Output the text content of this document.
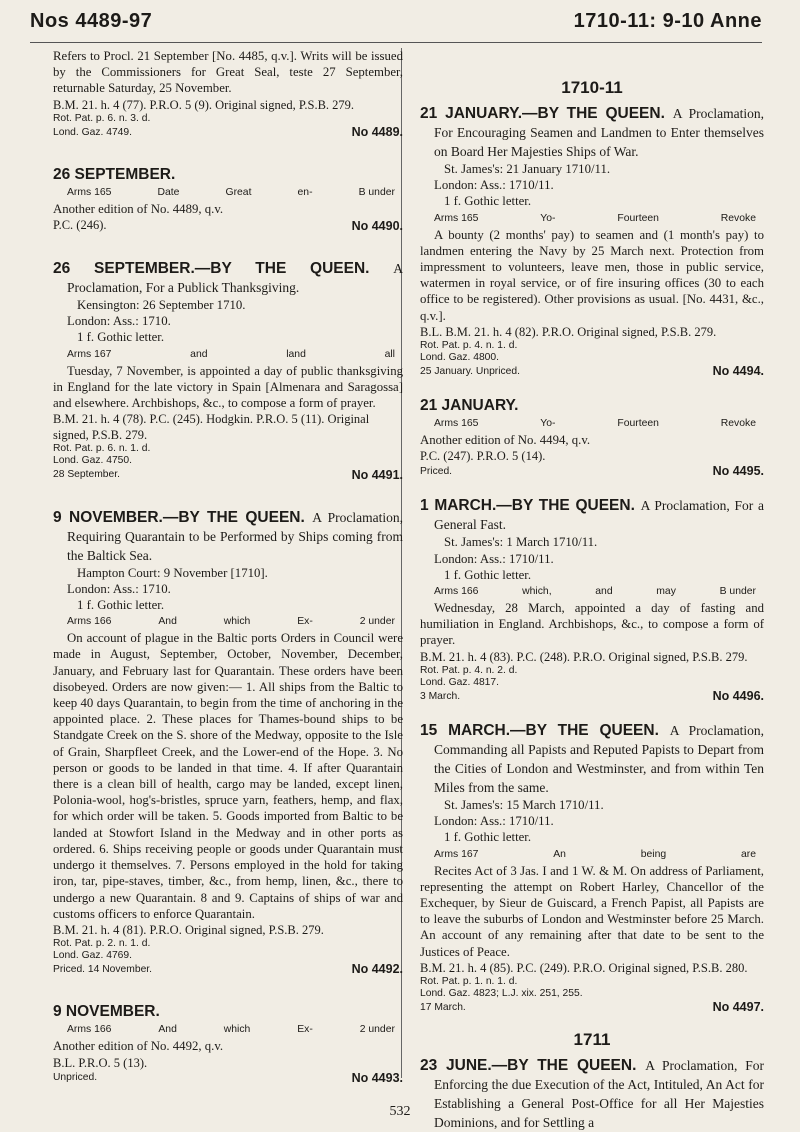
Nos 4489-97	1710-11: 9-10 Anne

Refers to Procl. 21 September [No. 4485, q.v.]. Writs will be issued by the Commissioners for Great Seal, teste 27 September, returnable Saturday, 25 November.

B.M. 21. h. 4 (77). P.R.O. 5 (9). Original signed, P.S.B. 279.
Rot. Pat. p. 6. n. 3. d.
Lond. Gaz. 4749.	No 4489.
26 SEPTEMBER.
Arms 165	Date	Great	en-	B under
Another edition of No. 4489, q.v.
P.C. (246).	No 4490.
26 SEPTEMBER.—BY THE QUEEN. A Proclamation, For a Publick Thanksgiving.
Kensington: 26 September 1710.
London: Ass.: 1710.
1 f. Gothic letter.
Arms 167	and	land	all

Tuesday, 7 November, is appointed a day of public thanksgiving in England for the late victory in Spain [Almenara and Saragossa] and elsewhere. Archbishops, &c., to compose a form of prayer.

B.M. 21. h. 4 (78). P.C. (245). Hodgkin. P.R.O. 5 (11). Original signed, P.S.B. 279.
Rot. Pat. p. 6. n. 1. d.
Lond. Gaz. 4750.
28 September.	No 4491.
9 NOVEMBER.—BY THE QUEEN. A Proclamation, Requiring Quarantain to be Performed by Ships coming from the Baltick Sea.
Hampton Court: 9 November [1710].
London: Ass.: 1710.
1 f. Gothic letter.
Arms 166	And	which	Ex-	2 under

On account of plague in the Baltic ports Orders in Council were made in August, September, October, November, December, January, and February last for Quarantain. These orders have been disobeyed. Orders are now given:— 1. All ships from the Baltic to keep 40 days Quarantain, to begin from the time of anchoring in the appointed place. 2. These places for Thames-bound ships to be Standgate Creek on the S. shore of the Medway, opposite to the Isle of Grain, Sharpfleet Creek, and the Lower-end of the Hope. 3. No person or goods to be landed in that time. 4. If after Quarantain there is a clean bill of health, cargo may be landed, except linen, Polonia-wool, hog's-bristles, spruce yarn, feathers, hemp, and flax, for which order will be taken. 5. Goods imported from Baltic to be landed at Stowfort Island in the Medway and in other ports as ordered. 6. Ships receiving people or goods under Quarantain must undergo it themselves. 7. Persons employed in the hold for taking iron, tar, pipe-staves, timber, &c., from hemp, linen, &c., there to undergo a new Quarantain. 8 and 9. Captains of ships of war and customs officers to enforce Quarantain.

B.M. 21. h. 4 (81). P.R.O. Original signed, P.S.B. 279.
Rot. Pat. p. 2. n. 1. d.
Lond. Gaz. 4769.
Priced. 14 November.	No 4492.
9 NOVEMBER.
Arms 166	And	which	Ex-	2 under
Another edition of No. 4492, q.v.
B.L. P.R.O. 5 (13).
Unpriced.	No 4493.
1710-11
21 JANUARY.—BY THE QUEEN. A Proclamation, For Encouraging Seamen and Landmen to Enter themselves on Board Her Majesties Ships of War.
St. James's: 21 January 1710/11.
London: Ass.: 1710/11.
1 f. Gothic letter.
Arms 165	Yo-	Fourteen	Revoke

A bounty (2 months' pay) to seamen and (1 month's pay) to landmen entering the Navy by 25 March next. Protection from impressment to volunteers, leave men, those in public service, watermen in royal service, or of fire insuring offices (30 to each office to be registered). Other provisions as usual. [No. 4431, &c., q.v.].

B.L. B.M. 21. h. 4 (82). P.R.O. Original signed, P.S.B. 279.
Rot. Pat. p. 4. n. 1. d.
Lond. Gaz. 4800.
25 January. Unpriced.	No 4494.
21 JANUARY.
Arms 165	Yo-	Fourteen	Revoke
Another edition of No. 4494, q.v.
P.C. (247). P.R.O. 5 (14).
Priced.	No 4495.
1 MARCH.—BY THE QUEEN. A Proclamation, For a General Fast.
St. James's: 1 March 1710/11.
London: Ass.: 1710/11.
1 f. Gothic letter.
Arms 166	which,	and	may	B under

Wednesday, 28 March, appointed a day of fasting and humiliation in England. Archbishops, &c., to compose a form of prayer.

B.M. 21. h. 4 (83). P.C. (248). P.R.O. Original signed, P.S.B. 279.
Rot. Pat. p. 4. n. 2. d.
Lond. Gaz. 4817.
3 March.	No 4496.
15 MARCH.—BY THE QUEEN. A Proclamation, Commanding all Papists and Reputed Papists to Depart from the Cities of London and Westminster, and from within Ten Miles from the same.
St. James's: 15 March 1710/11.
London: Ass.: 1710/11.
1 f. Gothic letter.
Arms 167	An	being	are

Recites Act of 3 Jas. I and 1 W. & M. On address of Parliament, representing the attempt on Robert Harley, Chancellor of the Exchequer, by Sieur de Guiscard, a French Papist, all Papists are to leave the suburbs of London and Westminster before 25 March. An account of any remaining after that date to be sent to the Justices of Peace.

B.M. 21. h. 4 (85). P.C. (249). P.R.O. Original signed, P.S.B. 280.
Rot. Pat. p. 1. n. 1. d.
Lond. Gaz. 4823; L.J. xix. 251, 255.
17 March.	No 4497.
1711
23 JUNE.—BY THE QUEEN. A Proclamation, For Enforcing the due Execution of the Act, Intituled, An Act for Establishing a General Post-Office for all Her Majesties Dominions, and for Settling a
532
